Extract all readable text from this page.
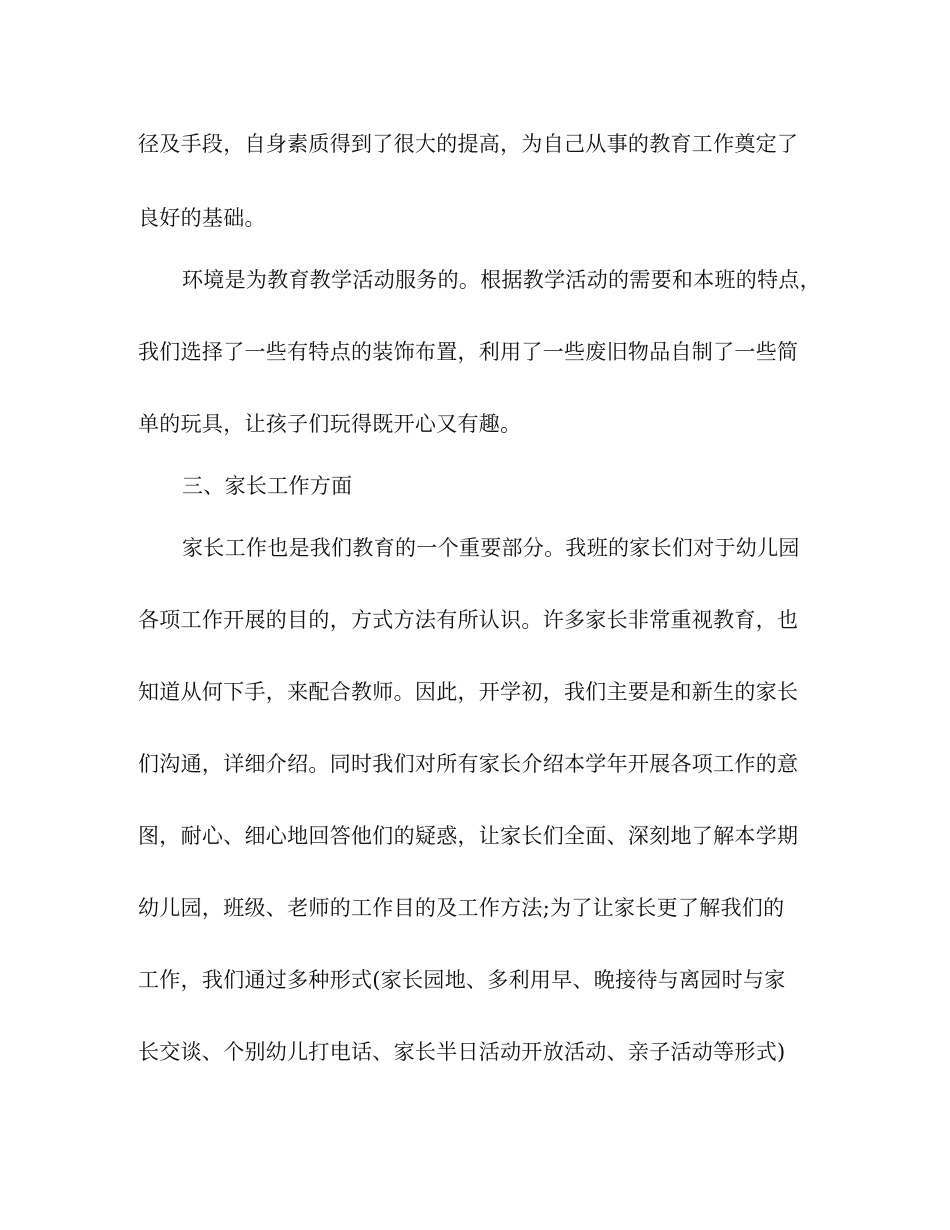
径及手段，自身素质得到了很大的提高，为自己从事的教育工作奠定了
良好的基础。
环境是为教育教学活动服务的。根据教学活动的需要和本班的特点，
我们选择了一些有特点的装饰布置，利用了一些废旧物品自制了一些简
单的玩具，让孩子们玩得既开心又有趣。
三、家长工作方面
家长工作也是我们教育的一个重要部分。我班的家长们对于幼儿园
各项工作开展的目的，方式方法有所认识。许多家长非常重视教育，也
知道从何下手，来配合教师。因此，开学初，我们主要是和新生的家长
们沟通，详细介绍。同时我们对所有家长介绍本学年开展各项工作的意
图，耐心、细心地回答他们的疑惑，让家长们全面、深刻地了解本学期
幼儿园，班级、老师的工作目的及工作方法;为了让家长更了解我们的
工作，我们通过多种形式(家长园地、多利用早、晚接待与离园时与家
长交谈、个别幼儿打电话、家长半日活动开放活动、亲子活动等形式)
